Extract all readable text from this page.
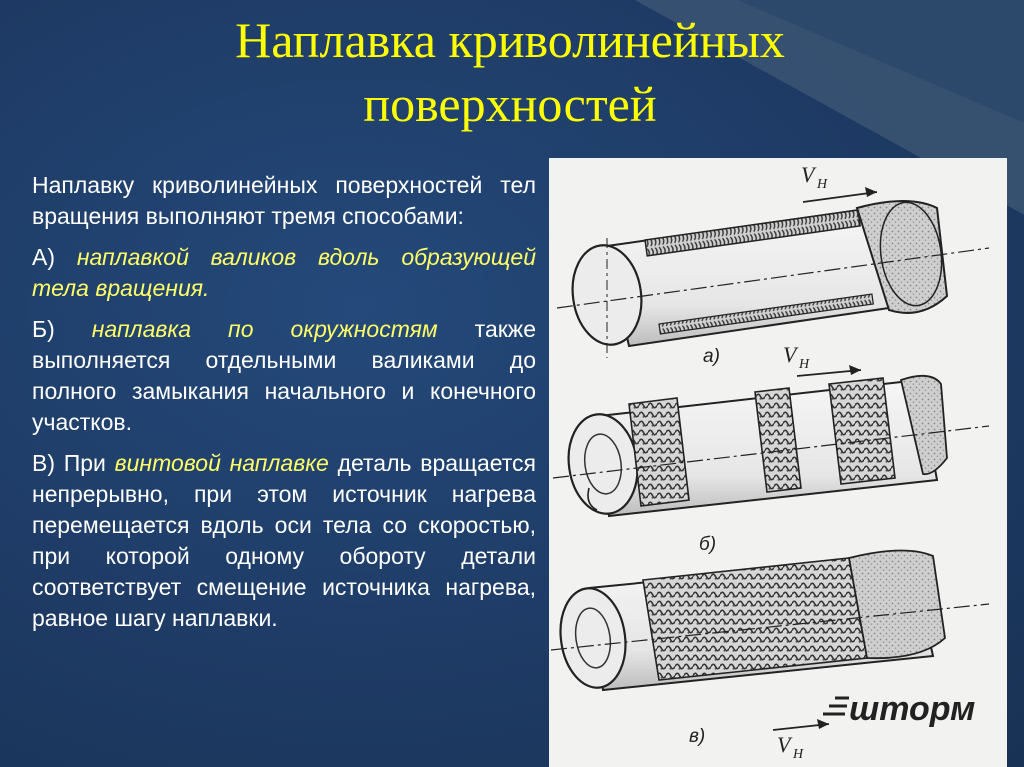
Наплавка криволинейных поверхностей

Наплавку криволинейных поверхностей тел вращения выполняют тремя способами:

А) наплавкой валиков вдоль образующей тела вращения.

Б) наплавка по окружностям также выполняется отдельными валиками до полного замыкания начального и конечного участков.

В) При винтовой наплавке деталь вращается непрерывно, при этом источник нагрева перемещается вдоль оси тела со скоростью, при которой одному обороту детали соответствует смещение источника нагрева, равное шагу наплавки.

V Н
а)	V Н
б)
V Н
в)
шторм
